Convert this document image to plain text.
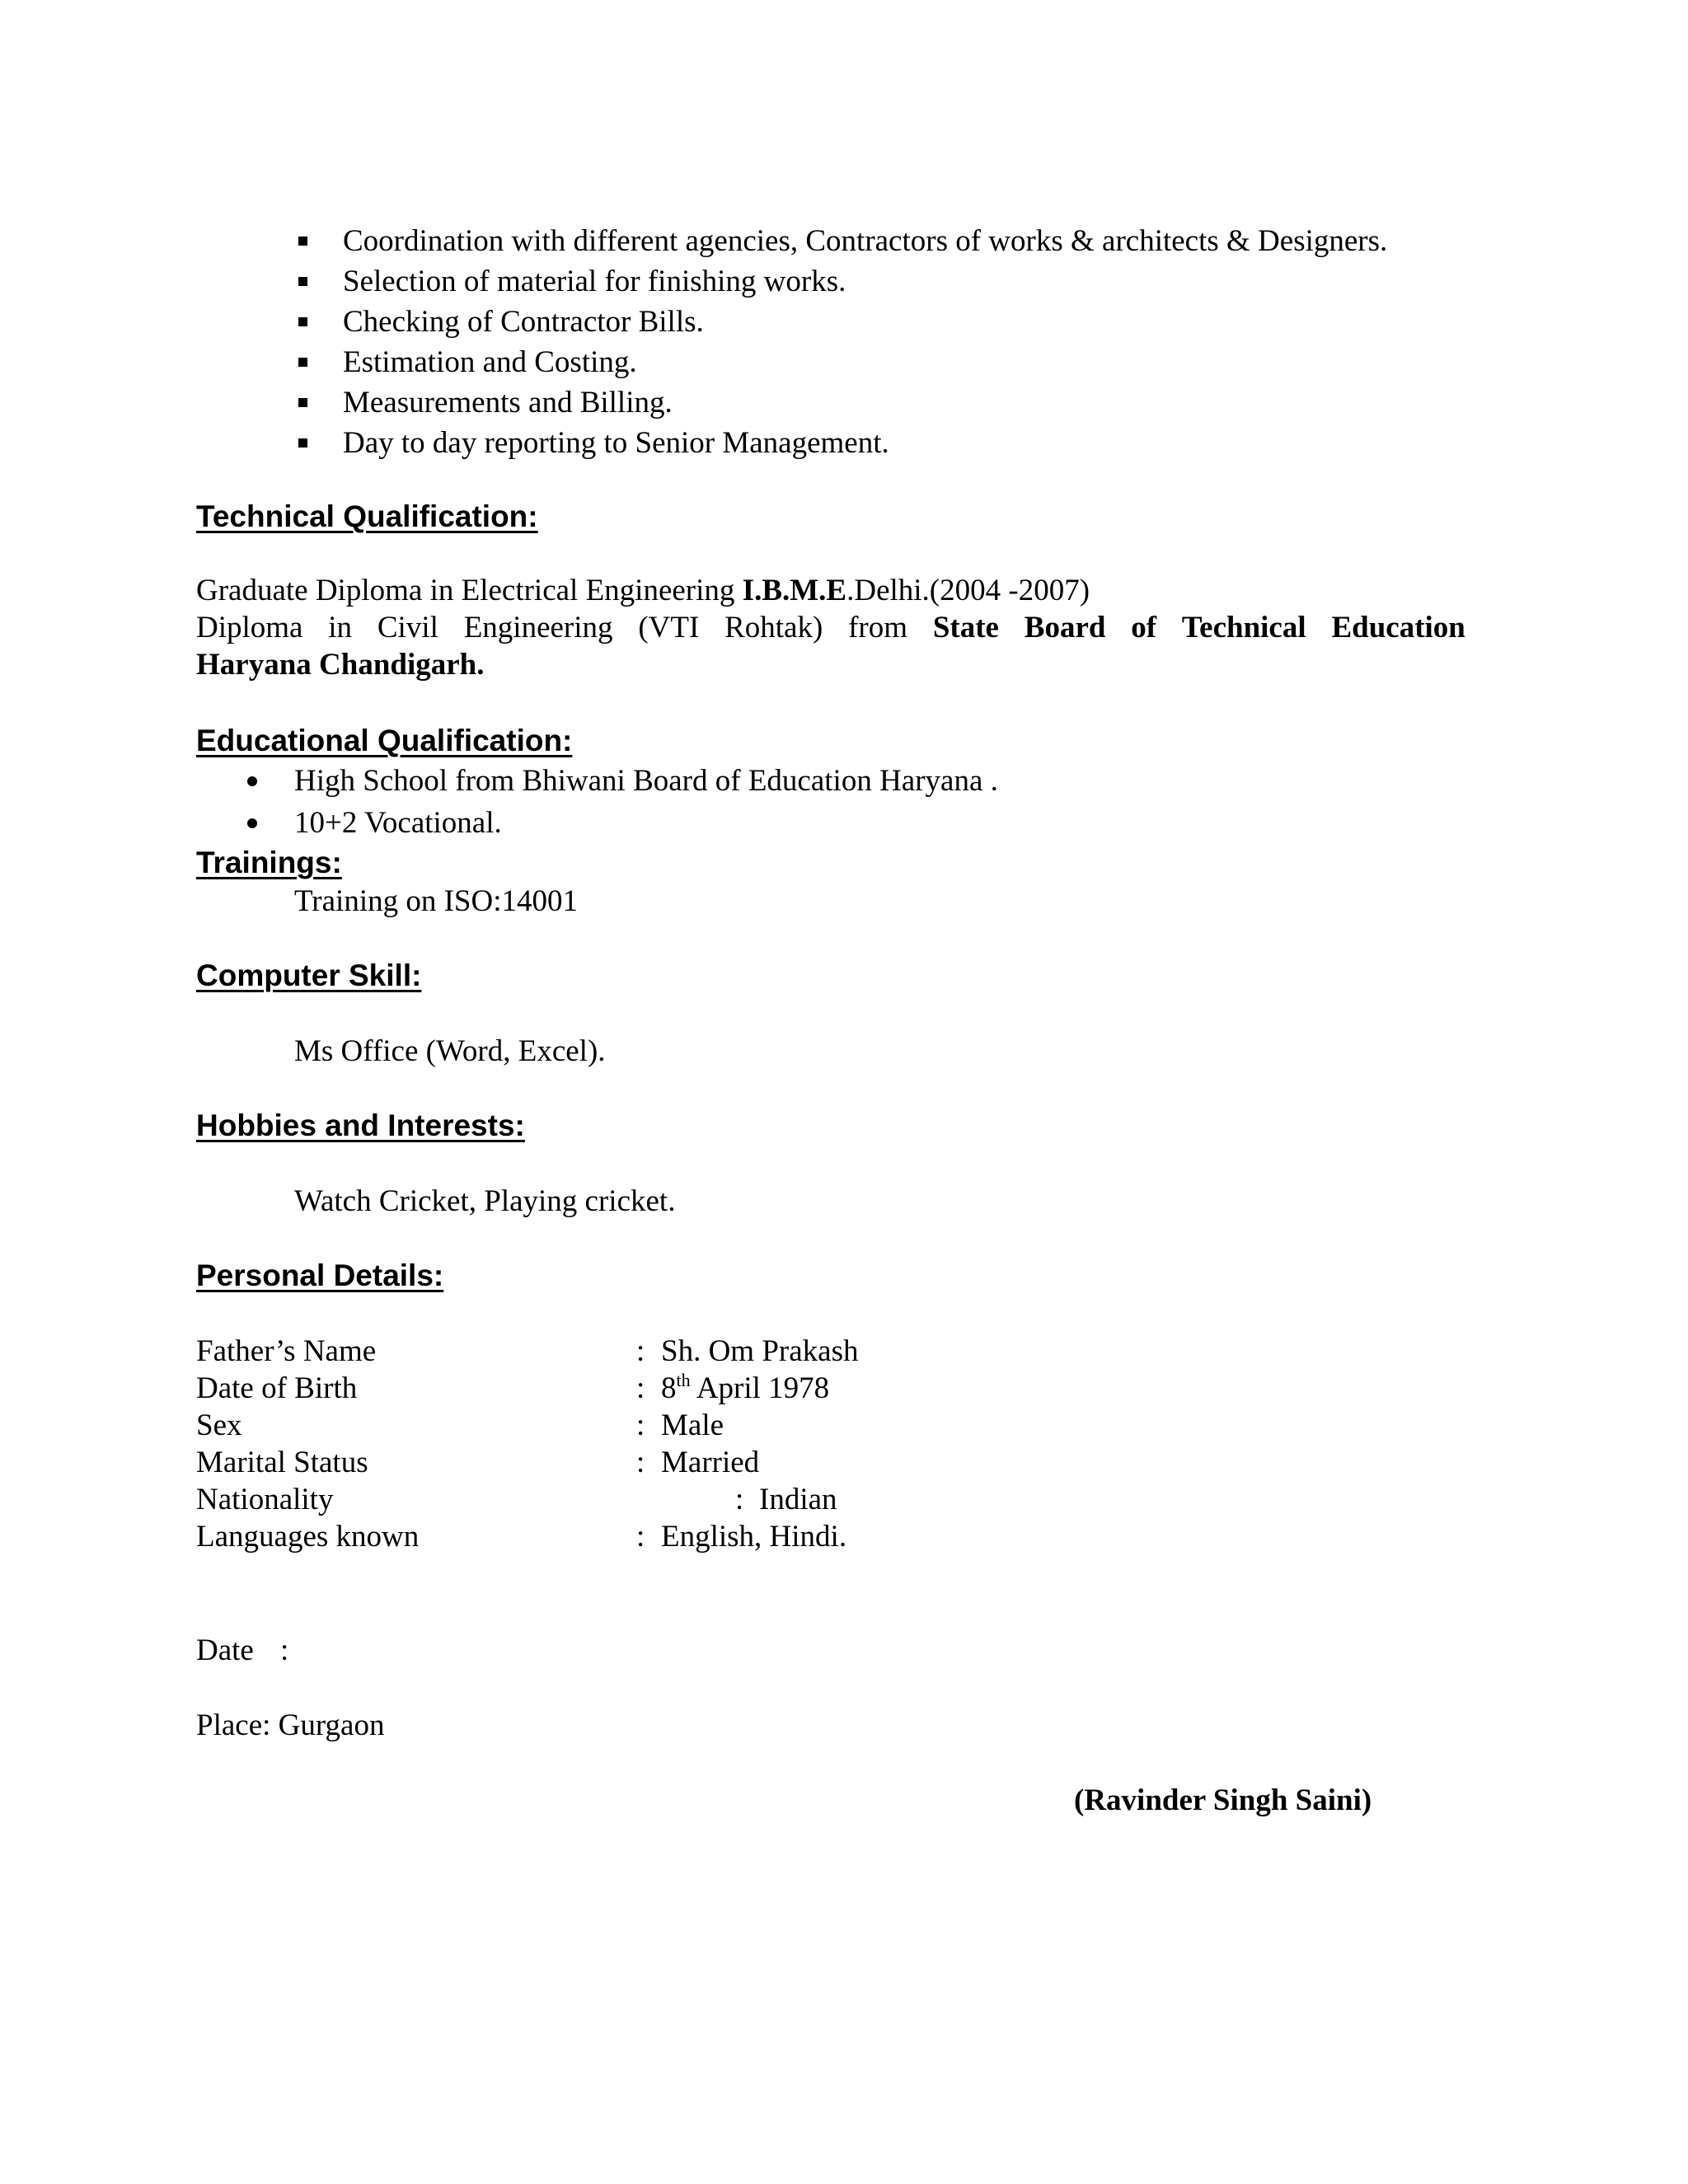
Coordination with different agencies, Contractors of works & architects & Designers.
Selection of material for finishing works.
Checking of Contractor Bills.
Estimation and Costing.
Measurements and Billing.
Day to day reporting to Senior Management.
Technical Qualification:
Graduate Diploma in Electrical Engineering I.B.M.E.Delhi.(2004 -2007)
Diploma in Civil Engineering (VTI Rohtak) from State Board of Technical Education
Haryana Chandigarh.
Educational Qualification:
High School from Bhiwani Board of Education Haryana .
10+2 Vocational.
Trainings:
Training on ISO:14001
Computer Skill:
Ms Office (Word, Excel).
Hobbies and Interests:
Watch Cricket, Playing cricket.
Personal Details:
Father’s Name	: Sh. Om Prakash
Date of Birth	: 8th April 1978
Sex	: Male
Marital Status	: Married
Nationality	: Indian
Languages known	: English, Hindi.
Date :
Place: Gurgaon
(Ravinder Singh Saini)
